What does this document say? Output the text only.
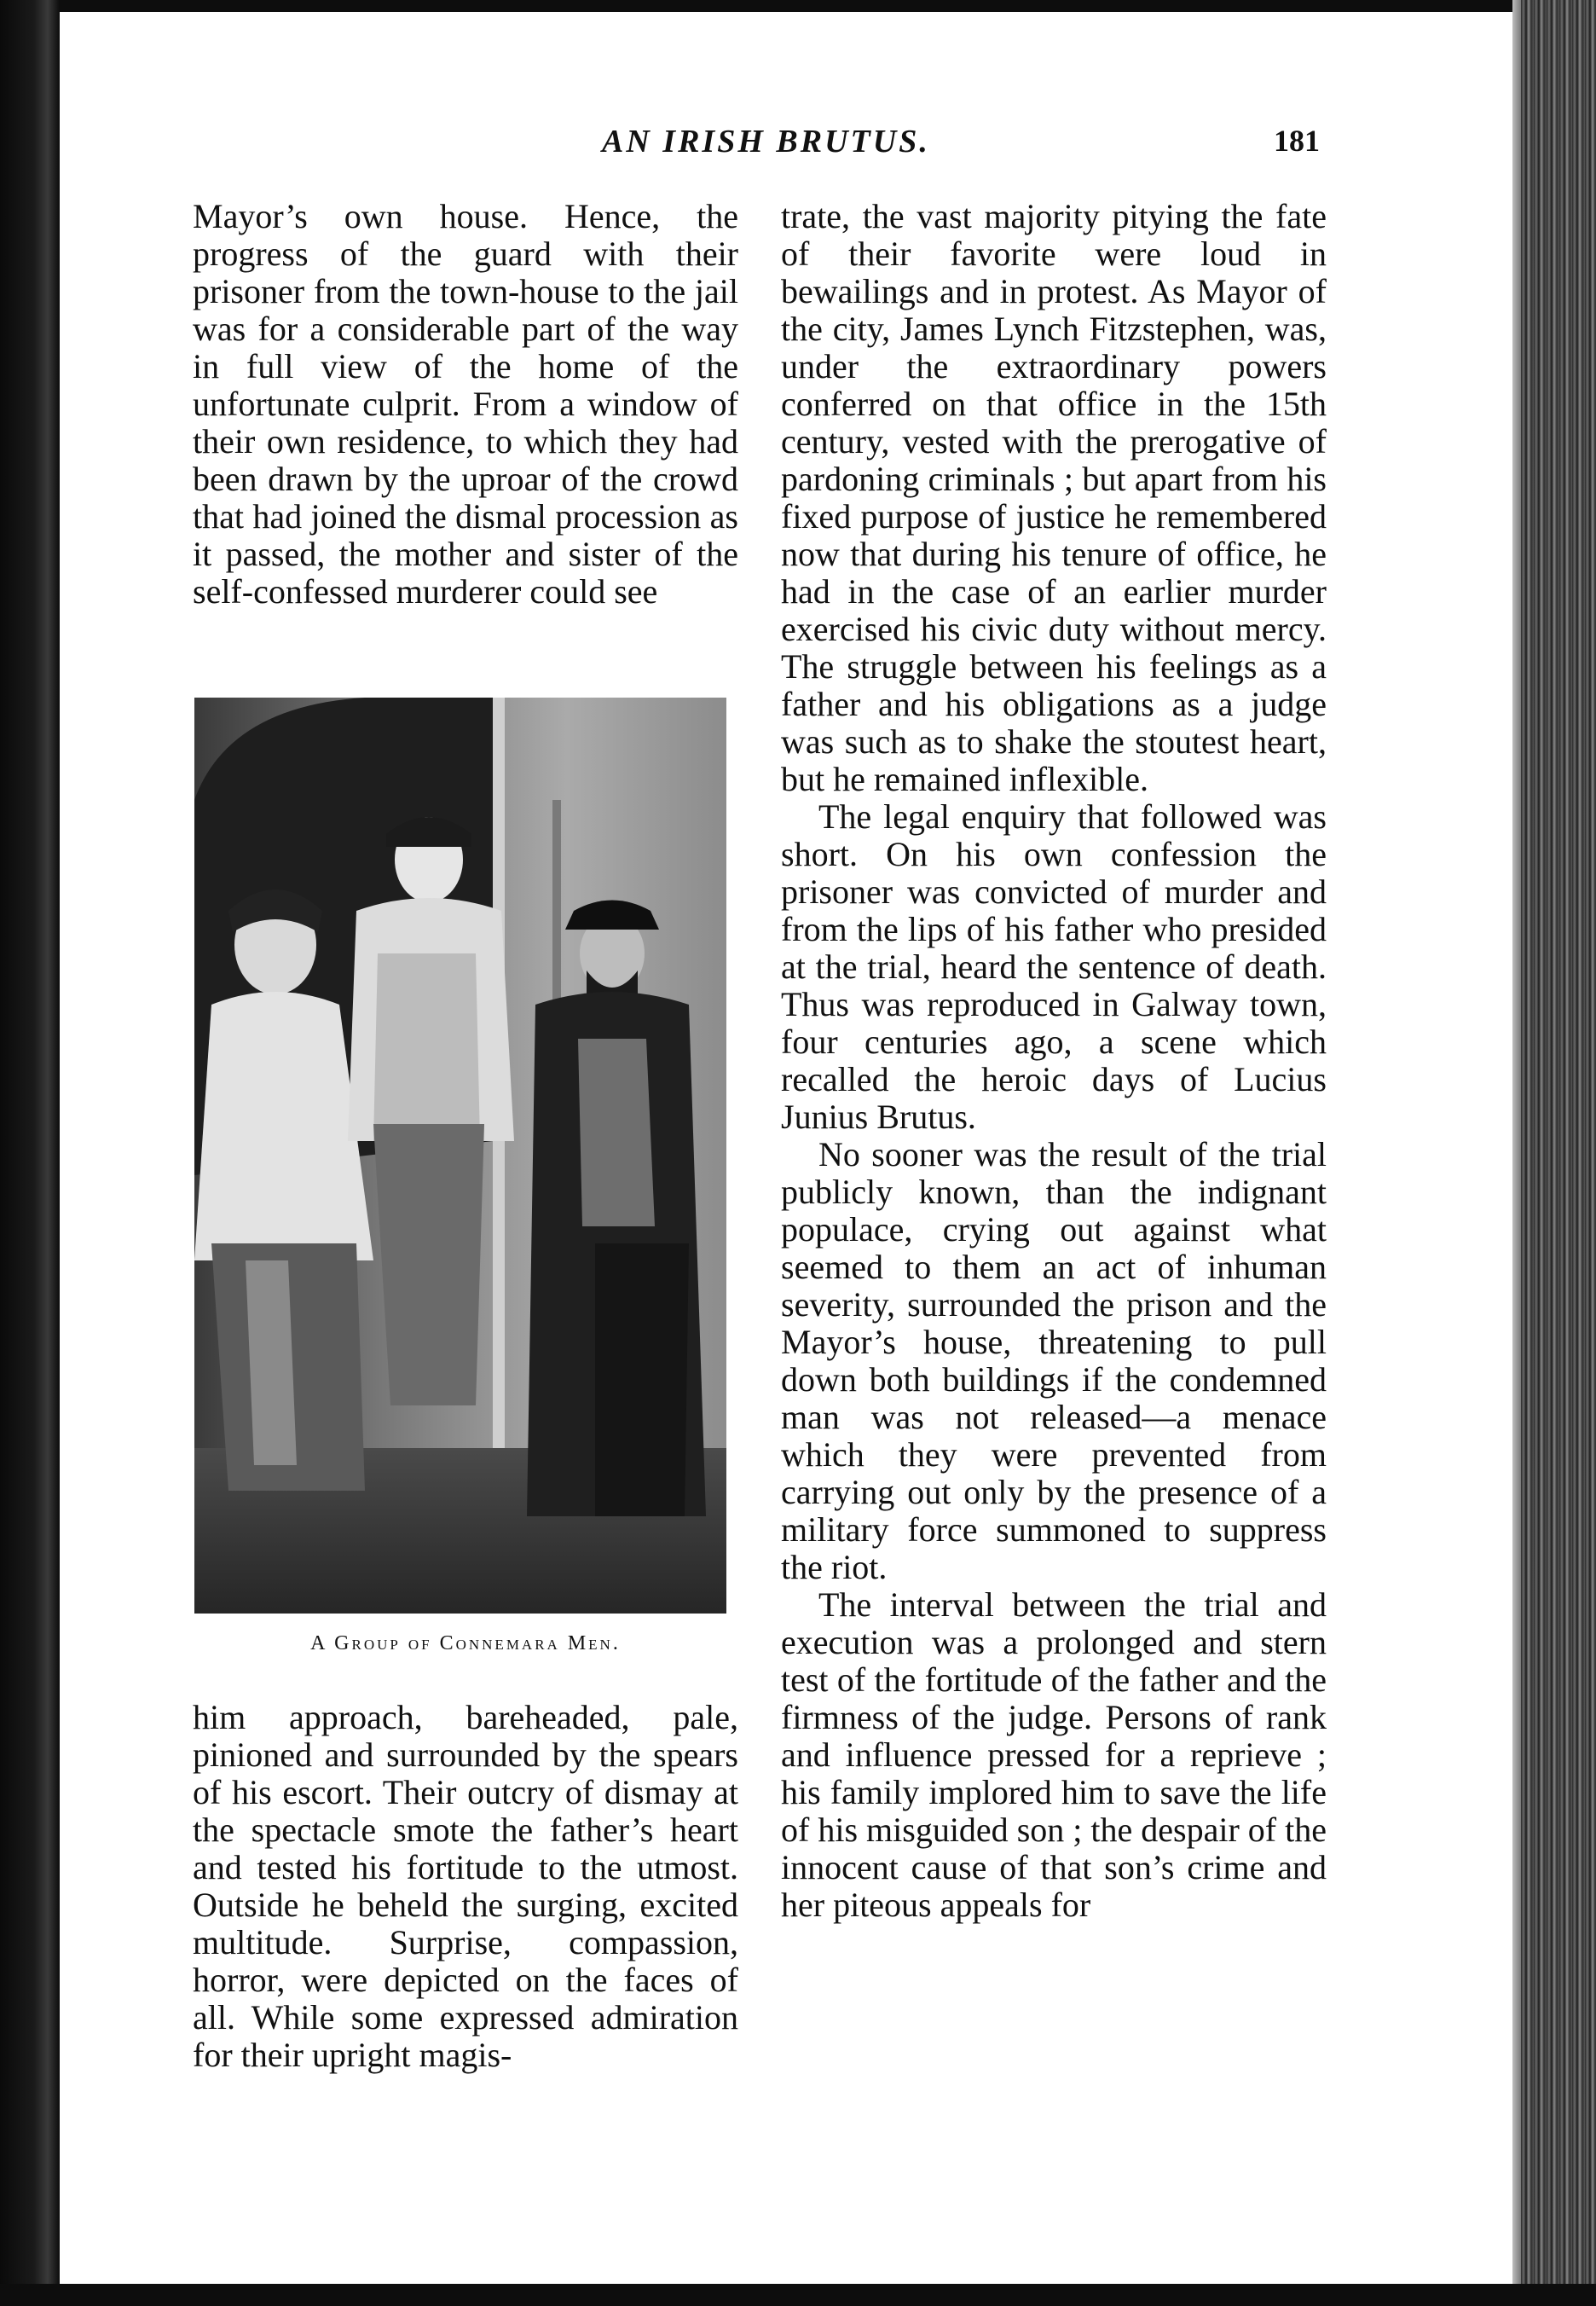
AN IRISH BRUTUS.	181

Mayor’s own house. Hence, the progress of the guard with their prisoner from the town-house to the jail was for a considerable part of the way in full view of the home of the unfortunate culprit. From a window of their own residence, to which they had been drawn by the uproar of the crowd that had joined the dismal procession as it passed, the mother and sister of the self-confessed murderer could see

A Group of Connemara Men.

him approach, bareheaded, pale, pinioned and surrounded by the spears of his escort. Their outcry of dismay at the spectacle smote the father’s heart and tested his fortitude to the utmost. Outside he beheld the surging, excited multitude. Surprise, compassion, horror, were depicted on the faces of all. While some expressed admiration for their upright magis-

trate, the vast majority pitying the fate of their favorite were loud in bewailings and in protest. As Mayor of the city, James Lynch Fitzstephen, was, under the extraordinary powers conferred on that office in the 15th century, vested with the prerogative of pardoning criminals ; but apart from his fixed purpose of justice he remembered now that during his tenure of office, he had in the case of an earlier murder exercised his civic duty without mercy. The struggle between his feelings as a father and his obligations as a judge was such as to shake the stoutest heart, but he remained inflexible.

The legal enquiry that followed was short. On his own confession the prisoner was convicted of murder and from the lips of his father who presided at the trial, heard the sentence of death. Thus was reproduced in Galway town, four centuries ago, a scene which recalled the heroic days of Lucius Junius Brutus.

No sooner was the result of the trial publicly known, than the indignant populace, crying out against what seemed to them an act of inhuman severity, surrounded the prison and the Mayor’s house, threatening to pull down both buildings if the condemned man was not released—a menace which they were prevented from carrying out only by the presence of a military force summoned to suppress the riot.

The interval between the trial and execution was a prolonged and stern test of the fortitude of the father and the firmness of the judge. Persons of rank and influence pressed for a reprieve ; his family implored him to save the life of his misguided son ; the despair of the innocent cause of that son’s crime and her piteous appeals for
